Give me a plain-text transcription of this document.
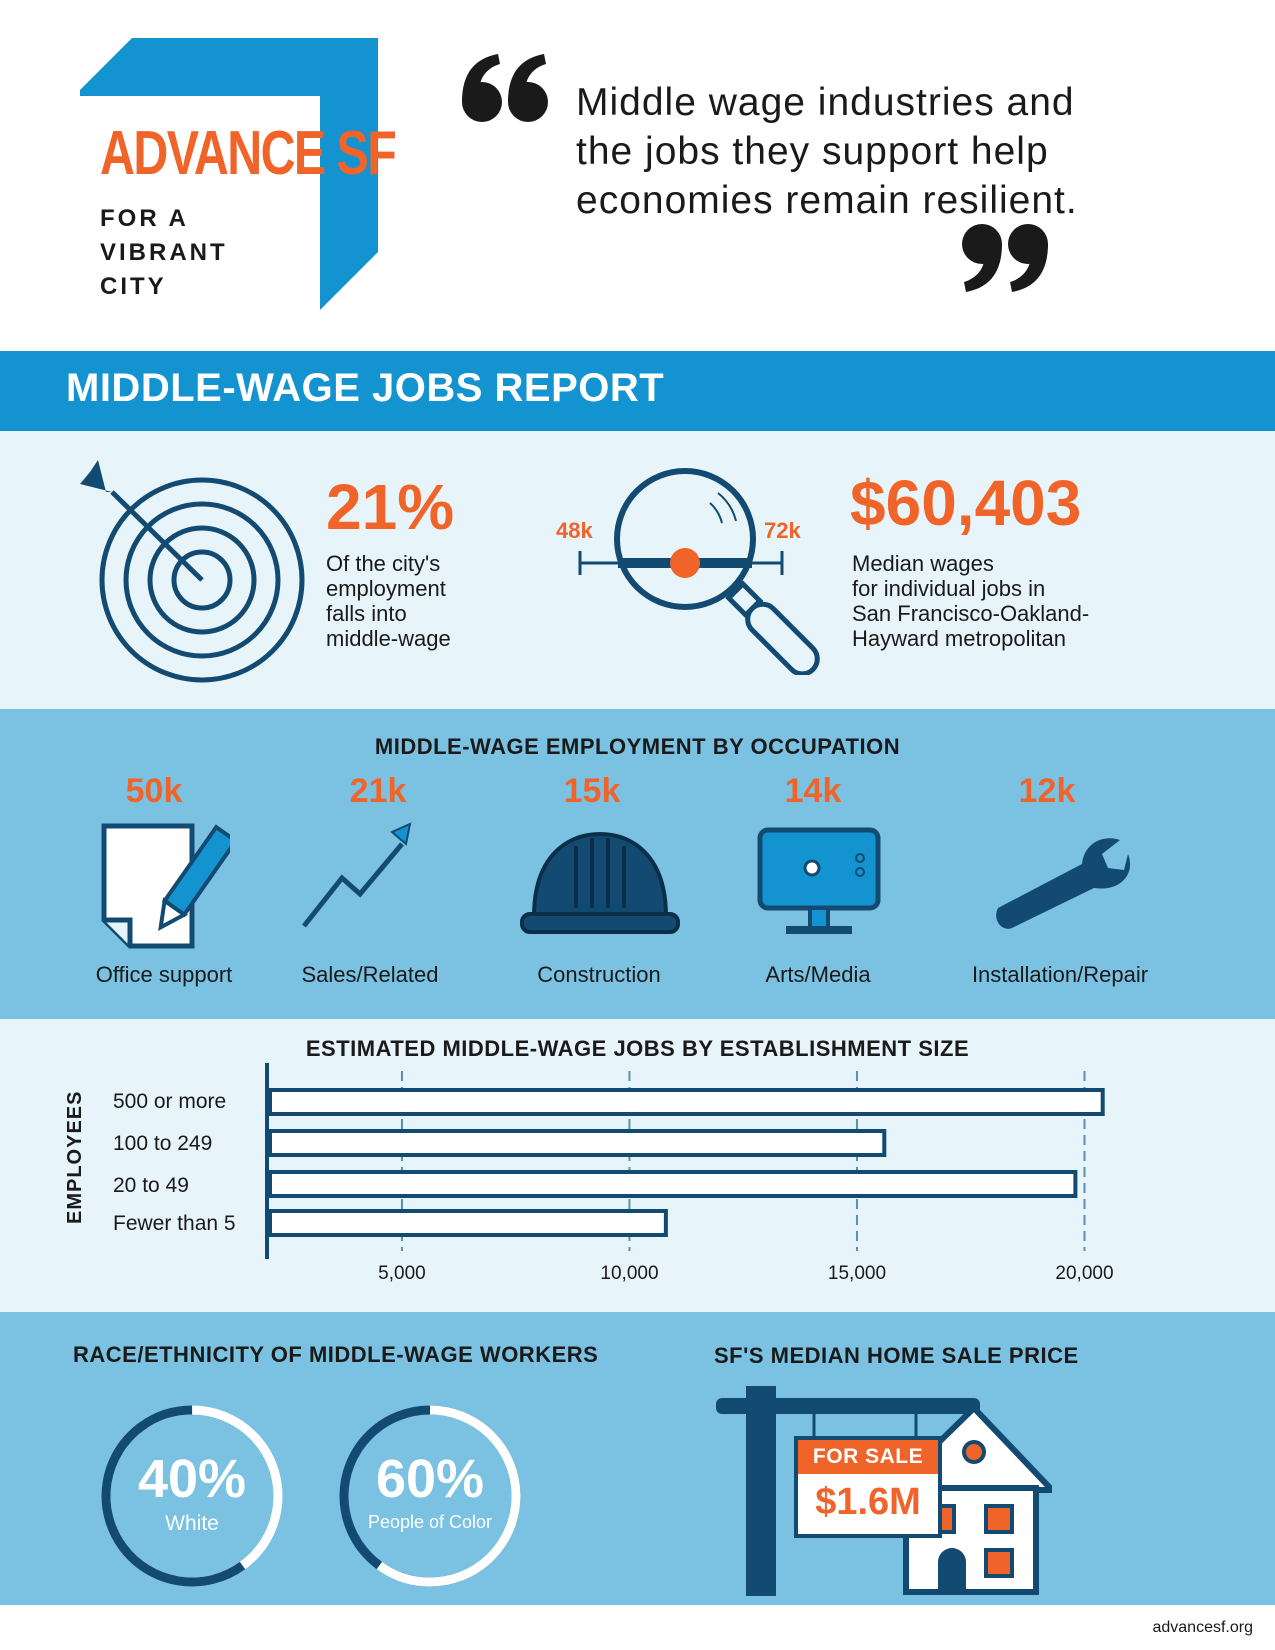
ADVANCE SF
FOR A
VIBRANT
CITY
Middle wage industries and the jobs they support help economies remain resilient.
MIDDLE-WAGE JOBS REPORT
21%
Of the city's
employment
falls into
middle-wage
48k	72k $60,403
Median wages
for individual jobs in
San Francisco-Oakland-
Hayward metropolitan
MIDDLE-WAGE EMPLOYMENT BY OCCUPATION
50k	21k	15k	14k	12k
Office support	Sales/Related	Construction	Arts/Media	Installation/Repair
ESTIMATED MIDDLE-WAGE JOBS BY ESTABLISHMENT SIZE
EMPLOYEES 500 or more
100 to 249
20 to 49
Fewer than 5
5,000	10,000	15,000	20,000
RACE/ETHNICITY OF MIDDLE-WAGE WORKERS
40%
White
60%
People of Color
SF'S MEDIAN HOME SALE PRICE
FOR SALE
$1.6M
advancesf.org
